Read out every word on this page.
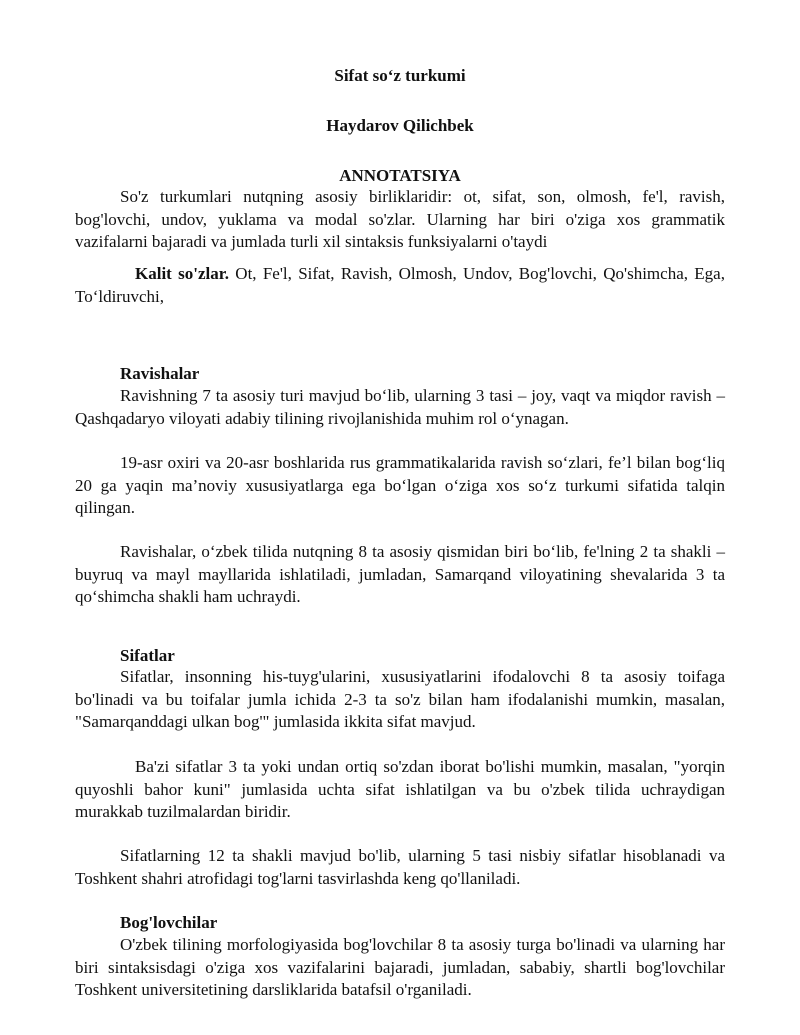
Sifat so‘z turkumi
Haydarov Qilichbek
ANNOTATSIYA

So'z turkumlari nutqning asosiy birliklaridir: ot, sifat, son, olmosh, fe'l, ravish, bog'lovchi, undov, yuklama va modal so'zlar. Ularning har biri o'ziga xos grammatik vazifalarni bajaradi va jumlada turli xil sintaksis funksiyalarni o'taydi

Kalit so'zlar. Ot, Fe'l, Sifat, Ravish, Olmosh, Undov, Bog'lovchi, Qo'shimcha, Ega, To‘ldiruvchi,

Ravishalar

Ravishning 7 ta asosiy turi mavjud bo‘lib, ularning 3 tasi – joy, vaqt va miqdor ravish – Qashqadaryo viloyati adabiy tilining rivojlanishida muhim rol o‘ynagan.

19-asr oxiri va 20-asr boshlarida rus grammatikalarida ravish so‘zlari, fe’l bilan bog‘liq 20 ga yaqin ma’noviy xususiyatlarga ega bo‘lgan o‘ziga xos so‘z turkumi sifatida talqin qilingan.

Ravishalar, o‘zbek tilida nutqning 8 ta asosiy qismidan biri bo‘lib, fe'lning 2 ta shakli – buyruq va mayl mayllarida ishlatiladi, jumladan, Samarqand viloyatining shevalarida 3 ta qo‘shimcha shakli ham uchraydi.

Sifatlar

Sifatlar, insonning his-tuyg'ularini, xususiyatlarini ifodalovchi 8 ta asosiy toifaga bo'linadi va bu toifalar jumla ichida 2-3 ta so'z bilan ham ifodalanishi mumkin, masalan, "Samarqanddagi ulkan bog'" jumlasida ikkita sifat mavjud.

Ba'zi sifatlar 3 ta yoki undan ortiq so'zdan iborat bo'lishi mumkin, masalan, "yorqin quyoshli bahor kuni" jumlasida uchta sifat ishlatilgan va bu o'zbek tilida uchraydigan murakkab tuzilmalardan biridir.

Sifatlarning 12 ta shakli mavjud bo'lib, ularning 5 tasi nisbiy sifatlar hisoblanadi va Toshkent shahri atrofidagi tog'larni tasvirlashda keng qo'llaniladi.

Bog'lovchilar

O'zbek tilining morfologiyasida bog'lovchilar 8 ta asosiy turga bo'linadi va ularning har biri sintaksisdagi o'ziga xos vazifalarini bajaradi, jumladan, sababiy, shartli bog'lovchilar Toshkent universitetining darsliklarida batafsil o'rganiladi.
